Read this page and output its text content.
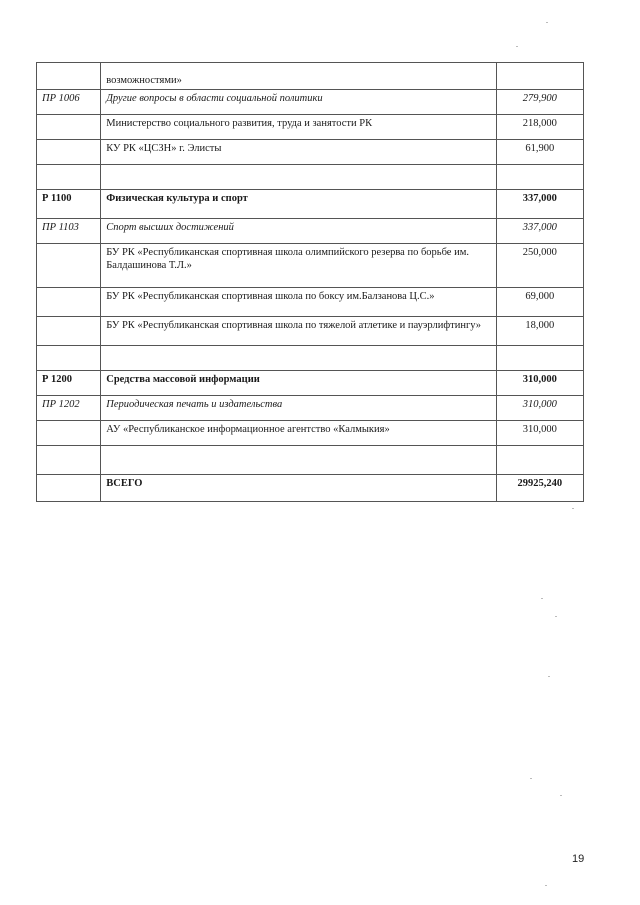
	возможностями»	
ПР 1006	Другие вопросы в области социальной политики	279,900
	Министерство социального развития, труда и занятости РК	218,000
	КУ РК «ЦСЗН» г. Элисты	61,900

Р 1100	Физическая культура и спорт	337,000
ПР 1103	Спорт высших достижений	337,000
	БУ РК «Республиканская спортивная школа олимпийского резерва по борьбе им. Балдашинова Т.Л.»	250,000
	БУ РК «Республиканская спортивная школа по боксу им.Балзанова Ц.С.»	69,000
	БУ РК «Республиканская спортивная школа по тяжелой атлетике и пауэрлифтингу»	18,000

Р 1200	Средства массовой информации	310,000
ПР 1202	Периодическая печать и издательства	310,000
	АУ «Республиканское информационное агентство «Калмыкия»	310,000

	ВСЕГО	29925,240
19
